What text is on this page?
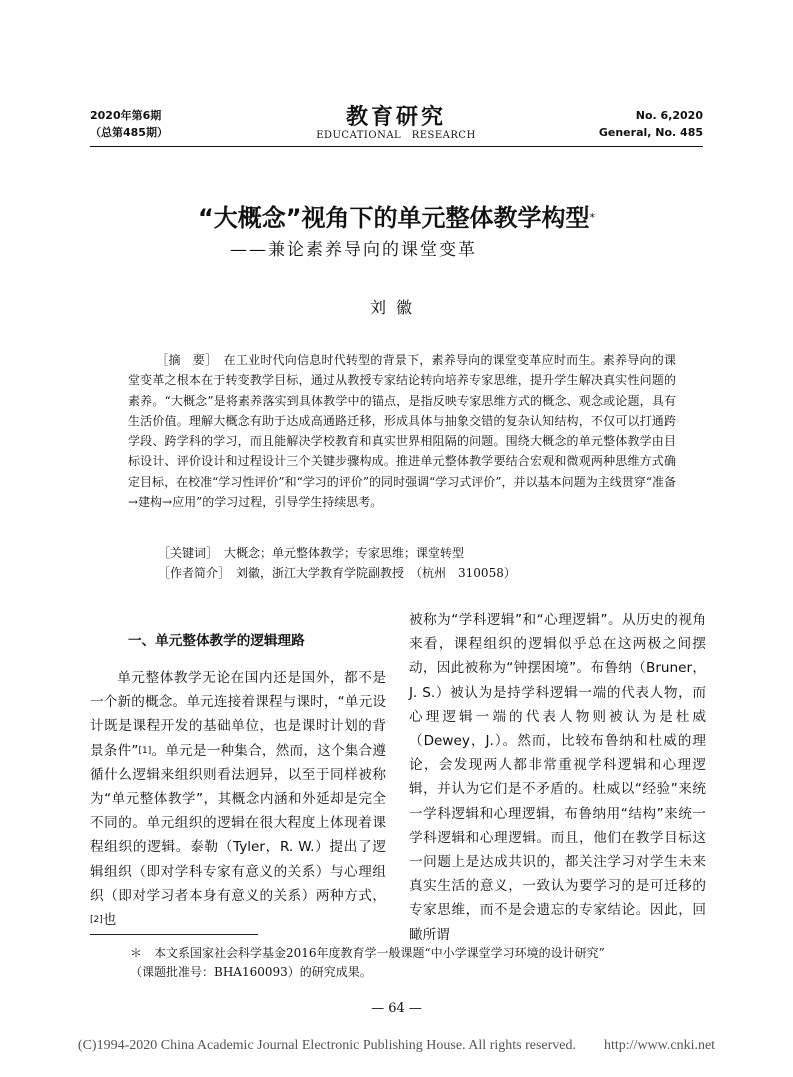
2020年第6期
（总第485期）
教育研究
EDUCATIONAL　RESEARCH
No. 6,2020
General, No. 485
“大概念”视角下的单元整体教学构型*
——兼论素养导向的课堂变革
刘徽
［摘　要］　 在工业时代向信息时代转型的背景下，素养导向的课堂变革应时而生。素养导向的课堂变革之根本在于转变教学目标，通过从教授专家结论转向培养专家思维，提升学生解决真实性问题的素养。“大概念”是将素养落实到具体教学中的锚点，是指反映专家思维方式的概念、观念或论题，具有生活价值。理解大概念有助于达成高通路迁移，形成具体与抽象交错的复杂认知结构，不仅可以打通跨学段、跨学科的学习，而且能解决学校教育和真实世界相阻隔的问题。围绕大概念的单元整体教学由目标设计、评价设计和过程设计三个关键步骤构成。推进单元整体教学要结合宏观和微观两种思维方式确定目标，在校准“学习性评价”和“学习的评价”的同时强调“学习式评价”，并以基本问题为主线贯穿“准备→建构→应用”的学习过程，引导学生持续思考。
［关键词］　 大概念；单元整体教学；专家思维；课堂转型
［作者简介］　 刘徽，浙江大学教育学院副教授　（杭州　310058）
一、单元整体教学的逻辑理路
单元整体教学无论在国内还是国外，都不是一个新的概念。单元连接着课程与课时，“单元设计既是课程开发的基础单位，也是课时计划的背景条件”[1]。单元是一种集合，然而，这个集合遵循什么逻辑来组织则看法迥异，以至于同样被称为“单元整体教学”，其概念内涵和外延却是完全不同的。单元组织的逻辑在很大程度上体现着课程组织的逻辑。泰勒（Tyler，R. W.）提出了逻辑组织（即对学科专家有意义的关系）与心理组织（即对学习者本身有意义的关系）两种方式，[2]也
被称为“学科逻辑”和“心理逻辑”。从历史的视角来看，课程组织的逻辑似乎总在这两极之间摆动，因此被称为“钟摆困境”。布鲁纳（Bruner，J. S.）被认为是持学科逻辑一端的代表人物，而心理逻辑一端的代表人物则被认为是杜威（Dewey，J.）。然而，比较布鲁纳和杜威的理论，会发现两人都非常重视学科逻辑和心理逻辑，并认为它们是不矛盾的。杜威以“经验”来统一学科逻辑和心理逻辑，布鲁纳用“结构”来统一学科逻辑和心理逻辑。而且，他们在教学目标这一问题上是达成共识的，都关注学习对学生未来真实生活的意义，一致认为要学习的是可迁移的专家思维，而不是会遗忘的专家结论。因此，回瞰所谓
＊　本文系国家社会科学基金2016年度教育学一般课题“中小学课堂学习环境的设计研究”
（课题批准号：BHA160093）的研究成果。
— 64 —
(C)1994-2020 China Academic Journal Electronic Publishing House. All rights reserved.　　http://www.cnki.net
